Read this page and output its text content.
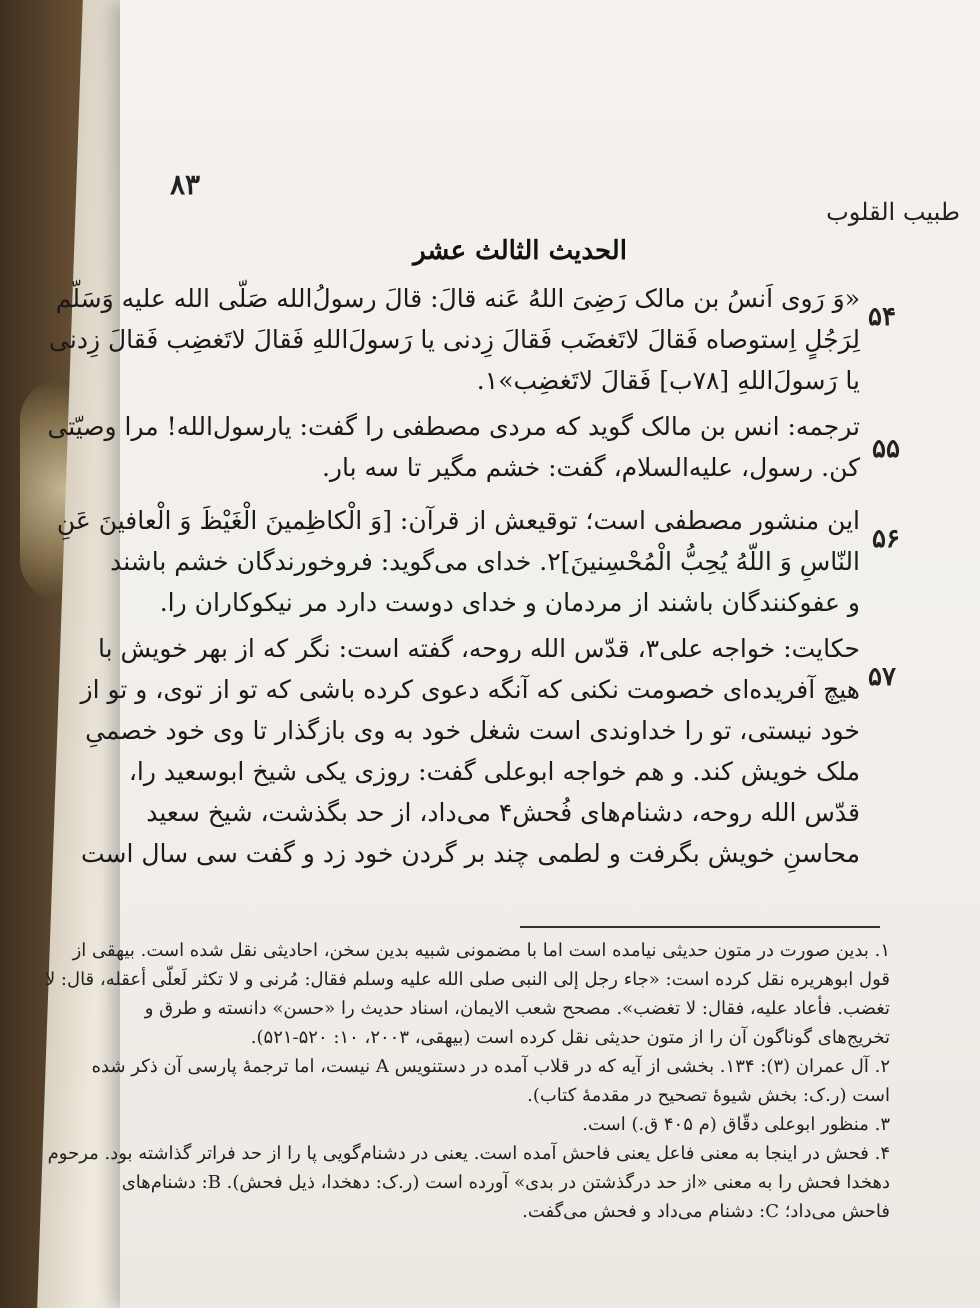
۸۳
طبیب القلوب
الحدیث الثالث عشر
۵۴
«وَ رَوی اَنسُ بن مالک رَضِیَ اللهُ عَنه قالَ: قالَ رسولُ‌الله صَلّی الله علیه وَسَلّم
لِرَجُلٍ اِستوصاه فَقالَ لاتَغضَب فَقالَ زِدنی یا رَسولَ‌اللهِ فَقالَ لاتَغضِب فَقالَ زِدنی
یا رَسولَ‌اللهِ [۷۸ب] فَقالَ لاتَغضِب»۱.
۵۵
ترجمه: انس بن مالک گوید که مردی مصطفی را گفت: یارسول‌الله! مرا وصیّتی
کن. رسول، علیه‌السلام، گفت: خشم مگیر تا سه بار.
۵۶
این منشور مصطفی است؛ توقیعش از قرآن: [وَ الْکاظِمینَ الْغَیْظَ وَ الْعافینَ عَنِ
النّاسِ وَ اللّهُ یُحِبُّ الْمُحْسِنینَ]۲. خدای می‌گوید: فروخورندگان خشم باشند
و عفوکنندگان باشند از مردمان و خدای دوست دارد مر نیکوکاران را.
۵۷
حکایت: خواجه علی۳، قدّس الله روحه، گفته است: نگر که از بهر خویش با
هیچ آفریده‌ای خصومت نکنی که آنگه دعوی کرده باشی که تو از توی، و تو از
خود نیستی، تو را خداوندی است شغل خود به وی بازگذار تا وی خود خصمیِ
ملک خویش کند. و هم خواجه ابوعلی گفت: روزی یکی شیخ ابوسعید را،
قدّس الله روحه، دشنام‌های فُحش۴ می‌داد، از حد بگذشت، شیخ سعید
محاسنِ خویش بگرفت و لطمی چند بر گردن خود زد و گفت سی سال است
۱. بدین صورت در متون حدیثی نیامده است اما با مضمونی شبیه بدین سخن، احادیثی نقل شده است. بیهقی از
قول ابوهریره نقل کرده است: «جاء رجل إلی النبی صلی الله علیه وسلم فقال: مُرنی و لا تکثر لَعلّی أعقله، قال: لا
تغضب. فأعاد علیه، فقال: لا تغضب». مصحح شعب الایمان، اسناد حدیث را «حسن» دانسته و طرق و
تخریج‌های گوناگون آن را از متون حدیثی نقل کرده است (بیهقی، ۲۰۰۳، ۱۰: ۵۲۰-۵۲۱).
۲. آل عمران (۳): ۱۳۴. بخشی از آیه که در قلاب آمده در دستنویس A نیست، اما ترجمهٔ پارسی آن ذکر شده
است (ر.ک: بخش شیوهٔ تصحیح در مقدمهٔ کتاب).
۳. منظور ابوعلی دقّاق (م ۴۰۵ ق.) است.
۴. فحش در اینجا به معنی فاعل یعنی فاحش آمده است. یعنی در دشنام‌گویی پا را از حد فراتر گذاشته بود. مرحوم
دهخدا فحش را به معنی «از حد درگذشتن در بدی» آورده است (ر.ک: دهخدا، ذیل فحش). B: دشنام‌های
فاحش می‌داد؛ C: دشنام می‌داد و فحش می‌گفت.
